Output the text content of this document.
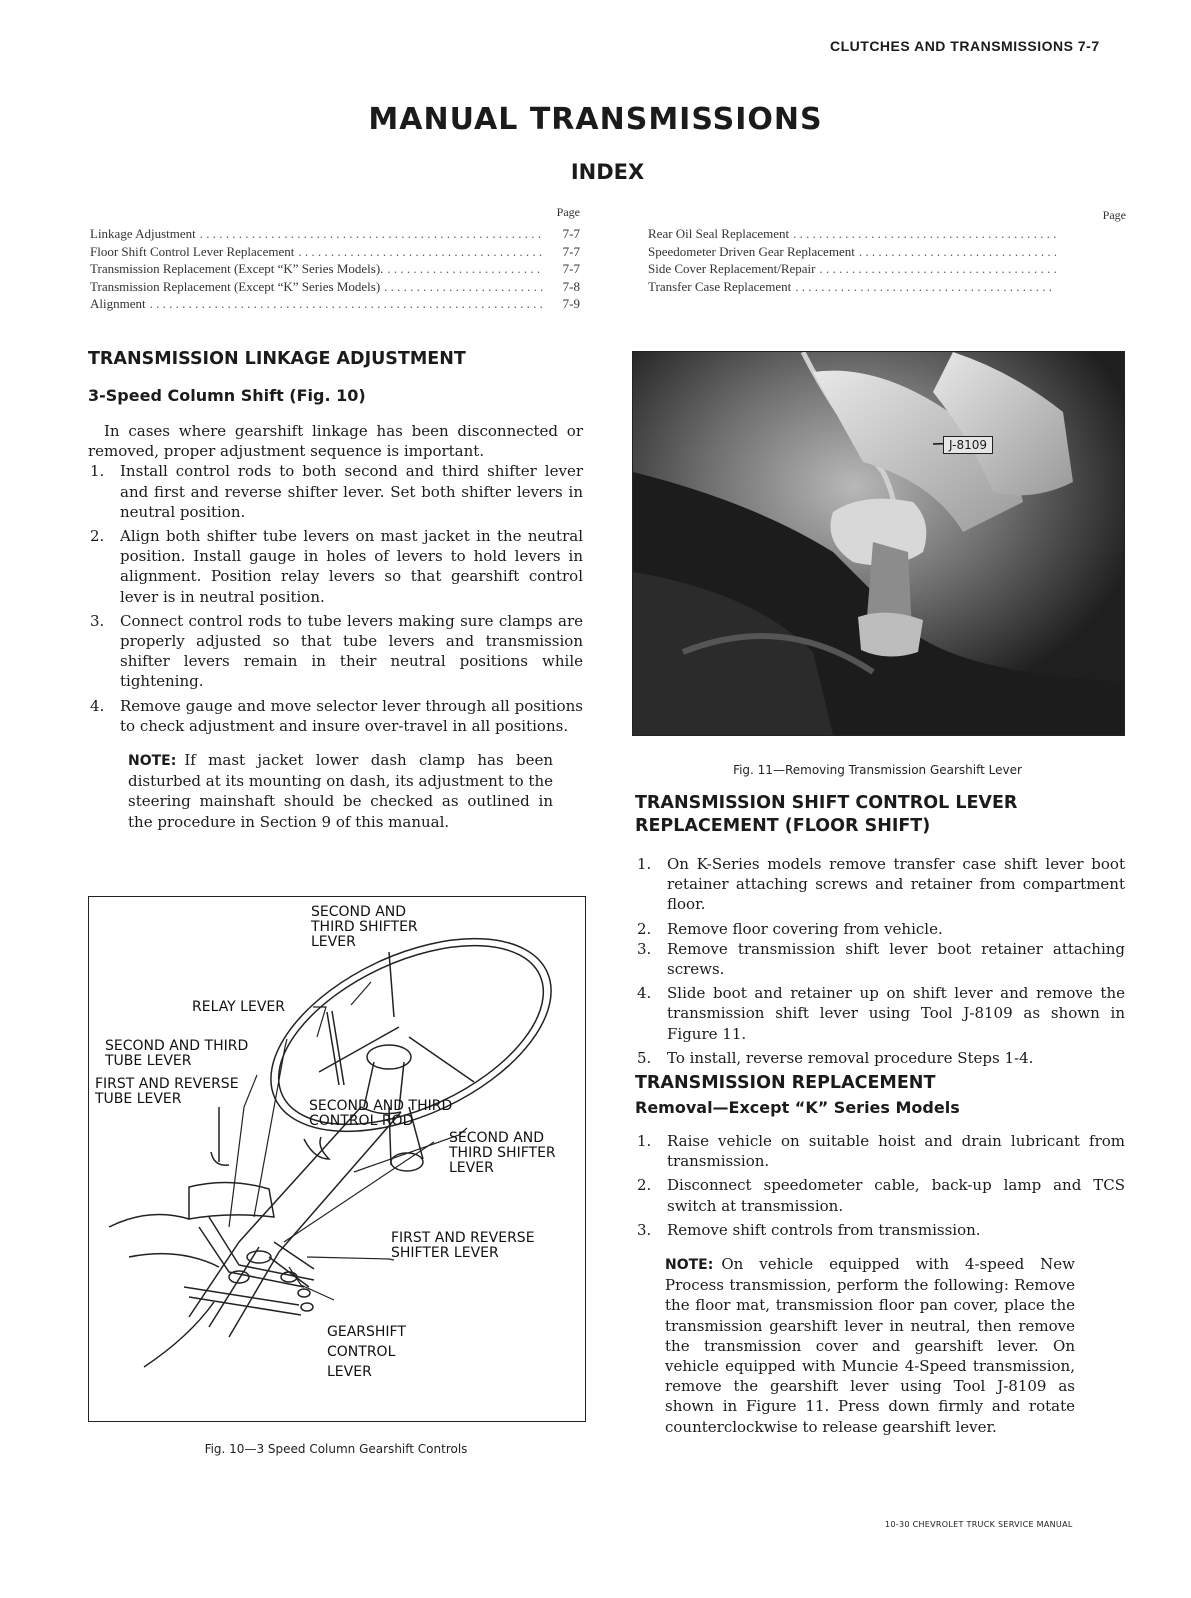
CLUTCHES AND TRANSMISSIONS 7-7
MANUAL TRANSMISSIONS
INDEX
Page
Linkage Adjustment . . .	7-7
Floor Shift Control Lever Replacement . . .	7-7
Transmission Replacement (Except “K” Series Models). . . .	7-7
Transmission Replacement (Except “K” Series Models) . . .	7-8
Alignment . . .	7-9
Page
Rear Oil Seal Replacement
. . .
Speedometer Driven Gear Replacement
. . .
Side Cover Replacement/Repair
. . .
Transfer Case Replacement
. . .
TRANSMISSION LINKAGE ADJUSTMENT
3-Speed Column Shift (Fig. 10)

In cases where gearshift linkage has been disconnected or removed, proper adjustment sequence is important.

1. Install control rods to both second and third shifter lever and first and reverse shifter lever. Set both shifter levers in neutral position.
2. Align both shifter tube levers on mast jacket in the neutral position. Install gauge in holes of levers to hold levers in alignment. Position relay levers so that gearshift control lever is in neutral position.
3. Connect control rods to tube levers making sure clamps are properly adjusted so that tube levers and transmission shifter levers remain in their neutral positions while tightening.
4. Remove gauge and move selector lever through all positions to check adjustment and insure over-travel in all positions.
NOTE: If mast jacket lower dash clamp has been disturbed at its mounting on dash, its adjustment to the steering mainshaft should be checked as outlined in the procedure in Section 9 of this manual.
SECOND AND
THIRD SHIFTER
LEVER
RELAY LEVER
SECOND AND THIRD
TUBE LEVER
FIRST AND REVERSE
TUBE LEVER	SECOND AND THIRD
CONTROL ROD
SECOND AND
THIRD SHIFTER
LEVER
FIRST AND REVERSE
SHIFTER LEVER
GEARSHIFT
CONTROL
LEVER
Fig. 10—3 Speed Column Gearshift Controls
J-8109
Fig. 11—Removing Transmission Gearshift Lever
TRANSMISSION SHIFT CONTROL LEVER
REPLACEMENT (FLOOR SHIFT)
1. On K-Series models remove transfer case shift lever boot retainer attaching screws and retainer from compartment floor.
2. Remove floor covering from vehicle.
3. Remove transmission shift lever boot retainer attaching screws.
4. Slide boot and retainer up on shift lever and remove the transmission shift lever using Tool J-8109 as shown in Figure 11.
5. To install, reverse removal procedure Steps 1-4.
TRANSMISSION REPLACEMENT
Removal—Except “K” Series Models
1. Raise vehicle on suitable hoist and drain lubricant from transmission.
2. Disconnect speedometer cable, back-up lamp and TCS switch at transmission.
3. Remove shift controls from transmission.
NOTE: On vehicle equipped with 4-speed New Process transmission, perform the following: Remove the floor mat, transmission floor pan cover, place the transmission gearshift lever in neutral, then remove the transmission cover and gearshift lever. On vehicle equipped with Muncie 4-Speed transmission, remove the gearshift lever using Tool J-8109 as shown in Figure 11. Press down firmly and rotate counterclockwise to release gearshift lever.
10-30 CHEVROLET TRUCK SERVICE MANUAL
